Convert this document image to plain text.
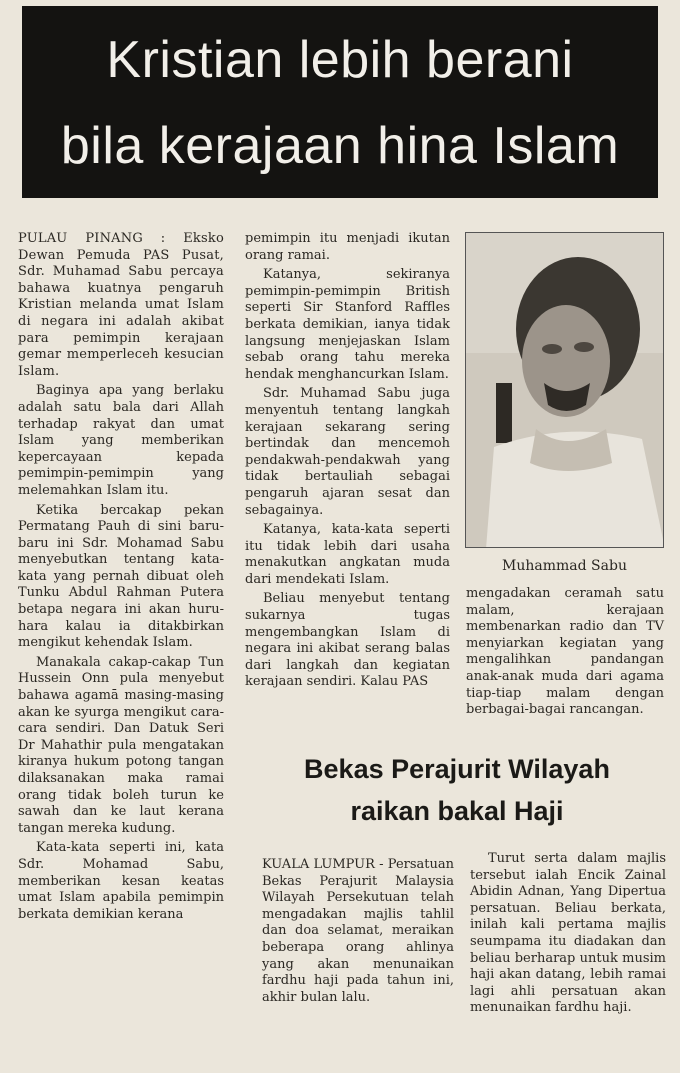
Kristian lebih berani
bila kerajaan hina Islam

PULAU PINANG : Eksko Dewan Pemuda PAS Pusat, Sdr. Muhamad Sabu percaya bahawa kuatnya pengaruh Kristian melanda umat Islam di negara ini adalah akibat para pemimpin kerajaan gemar memperleceh kesucian Islam.

Baginya apa yang berlaku adalah satu bala dari Allah terhadap rakyat dan umat Islam yang memberikan kepercayaan kepada pemimpin-pemimpin yang melemahkan Islam itu.

Ketika bercakap pekan Permatang Pauh di sini baru-baru ini Sdr. Mohamad Sabu menyebutkan tentang kata-kata yang pernah dibuat oleh Tunku Abdul Rahman Putera betapa negara ini akan huru-hara kalau ia ditakbirkan mengikut kehendak Islam.

Manakala cakap-cakap Tun Hussein Onn pula menyebut bahawa agamā masing-masing akan ke syurga mengikut cara-cara sendiri. Dan Datuk Seri Dr Mahathir pula mengatakan kiranya hukum potong tangan dilaksanakan maka ramai orang tidak boleh turun ke sawah dan ke laut kerana tangan mereka kudung.

Kata-kata seperti ini, kata Sdr. Mohamad Sabu, memberikan kesan keatas umat Islam apabila pemimpin berkata demikian kerana

pemimpin itu menjadi ikutan orang ramai.

Katanya, sekiranya pemimpin-pemimpin British seperti Sir Stanford Raffles berkata demikian, ianya tidak langsung menjejaskan Islam sebab orang tahu mereka hendak menghancurkan Islam.

Sdr. Muhamad Sabu juga menyentuh tentang langkah kerajaan sekarang sering bertindak dan mencemoh pendakwah-pendakwah yang tidak bertauliah sebagai pengaruh ajaran sesat dan sebagainya.

Katanya, kata-kata seperti itu tidak lebih dari usaha menakutkan angkatan muda dari mendekati Islam.

Beliau menyebut tentang sukarnya tugas mengembangkan Islam di negara ini akibat serang balas dari langkah dan kegiatan kerajaan sendiri. Kalau PAS

Muhammad Sabu

mengadakan ceramah satu malam, kerajaan membenarkan radio dan TV menyiarkan kegiatan yang mengalihkan pandangan anak-anak muda dari agama tiap-tiap malam dengan berbagai-bagai rancangan.

Bekas Perajurit Wilayah
raikan bakal Haji

KUALA LUMPUR - Persatuan Bekas Perajurit Malaysia Wilayah Persekutuan telah mengadakan majlis tahlil dan doa selamat, meraikan beberapa orang ahlinya yang akan menunaikan fardhu haji pada tahun ini, akhir bulan lalu.

Turut serta dalam majlis tersebut ialah Encik Zainal Abidin Adnan, Yang Dipertua persatuan. Beliau berkata, inilah kali pertama majlis seumpama itu diadakan dan beliau berharap untuk musim haji akan datang, lebih ramai lagi ahli persatuan akan menunaikan fardhu haji.
